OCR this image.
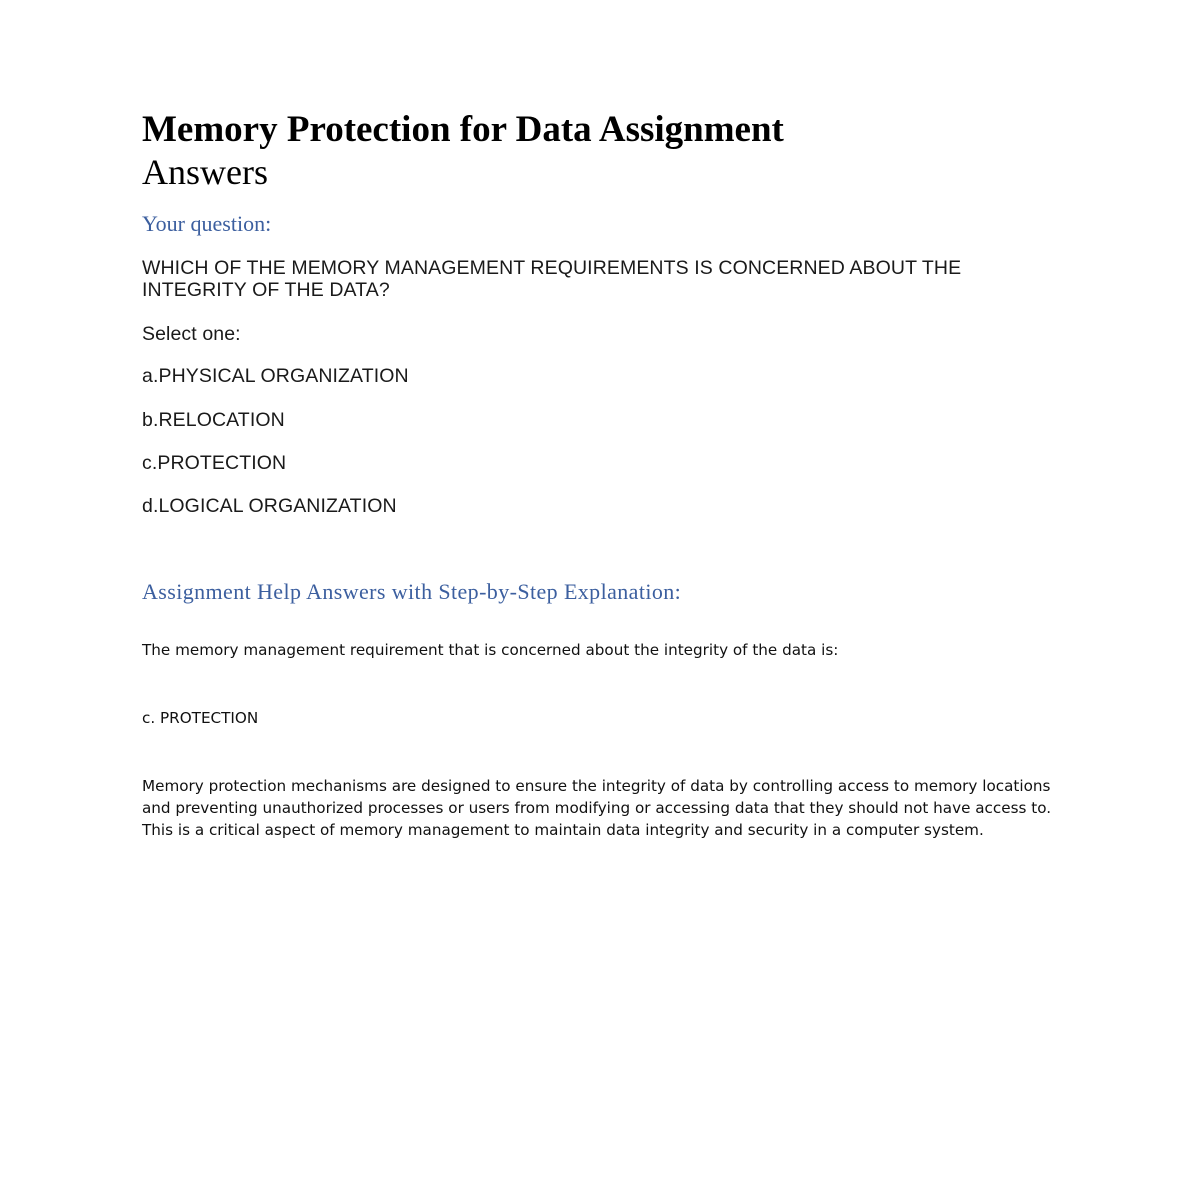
Memory Protection for Data Assignment
Answers
Your question:

WHICH OF THE MEMORY MANAGEMENT REQUIREMENTS IS CONCERNED ABOUT THE INTEGRITY OF THE DATA?

Select one:

a.PHYSICAL ORGANIZATION

b.RELOCATION

c.PROTECTION

d.LOGICAL ORGANIZATION

Assignment Help Answers with Step-by-Step Explanation:

The memory management requirement that is concerned about the integrity of the data is:

c. PROTECTION

Memory protection mechanisms are designed to ensure the integrity of data by controlling access to memory locations and preventing unauthorized processes or users from modifying or accessing data that they should not have access to. This is a critical aspect of memory management to maintain data integrity and security in a computer system.
